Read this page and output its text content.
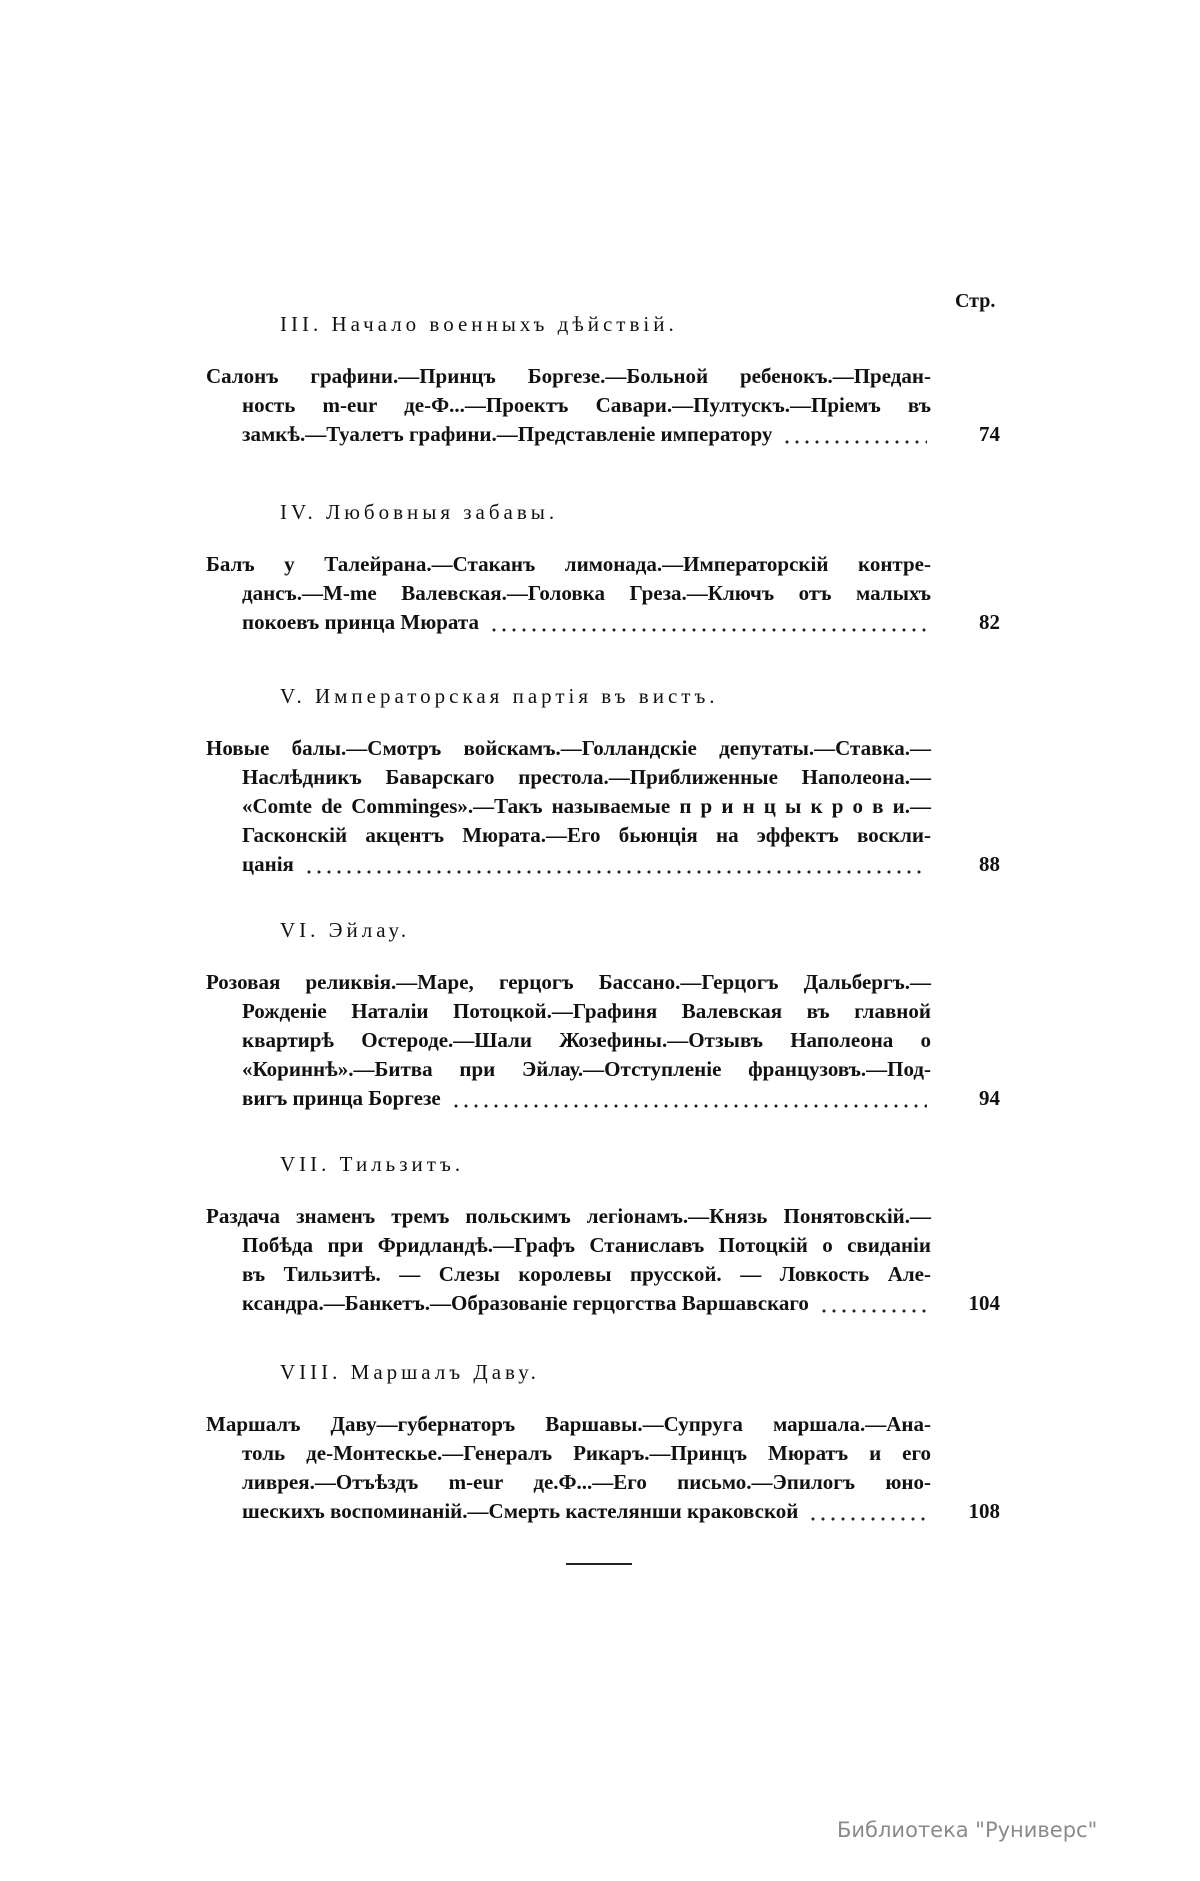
Стр.
III. Начало военныхъ дѣйствій.
Салонъ графини.—Принцъ Боргезе.—Больной ребенокъ.—Предан-
ность m-eur де-Ф...—Проектъ Савари.—Пултускъ.—Пріемъ въ
замкѣ.—Туалетъ графини.—Представленіе императору	74
IV. Любовныя забавы.
Балъ у Талейрана.—Стаканъ лимонада.—Императорскій контре-
дансъ.—M-me Валевская.—Головка Греза.—Ключъ отъ малыхъ
покоевъ принца Мюрата	82
V. Императорская партія въ вистъ.
Новые балы.—Смотръ войскамъ.—Голландскіе депутаты.—Ставка.—
Наслѣдникъ Баварскаго престола.—Приближенные Наполеона.—
«Comte de Comminges».—Такъ называемые п р и н ц ы к р о в и.—
Гасконскій акцентъ Мюрата.—Его бьюнція на эффектъ воскли-
цанія	88
VI. Эйлау.
Розовая реликвія.—Маре, герцогъ Бассано.—Герцогъ Дальбергъ.—
Рожденіе Наталіи Потоцкой.—Графиня Валевская въ главной
квартирѣ Остероде.—Шали Жозефины.—Отзывъ Наполеона о
«Кориннѣ».—Битва при Эйлау.—Отступленіе французовъ.—Под-
вигъ принца Боргезе	94
VII. Тильзитъ.
Раздача знаменъ тремъ польскимъ легіонамъ.—Князь Понятовскій.—
Побѣда при Фридландѣ.—Графъ Станиславъ Потоцкій о свиданіи
въ Тильзитѣ. — Слезы королевы прусской. — Ловкость Але-
ксандра.—Банкетъ.—Образованіе герцогства Варшавскаго	104
VIII. Маршалъ Даву.
Маршалъ Даву—губернаторъ Варшавы.—Супруга маршала.—Ана-
толь де-Монтескье.—Генералъ Рикаръ.—Принцъ Мюратъ и его
ливрея.—Отъѣздъ m-eur де.Ф...—Его письмо.—Эпилогъ юно-
шескихъ воспоминаній.—Смерть кастелянши краковской	108
Библиотека "Руниверс"
